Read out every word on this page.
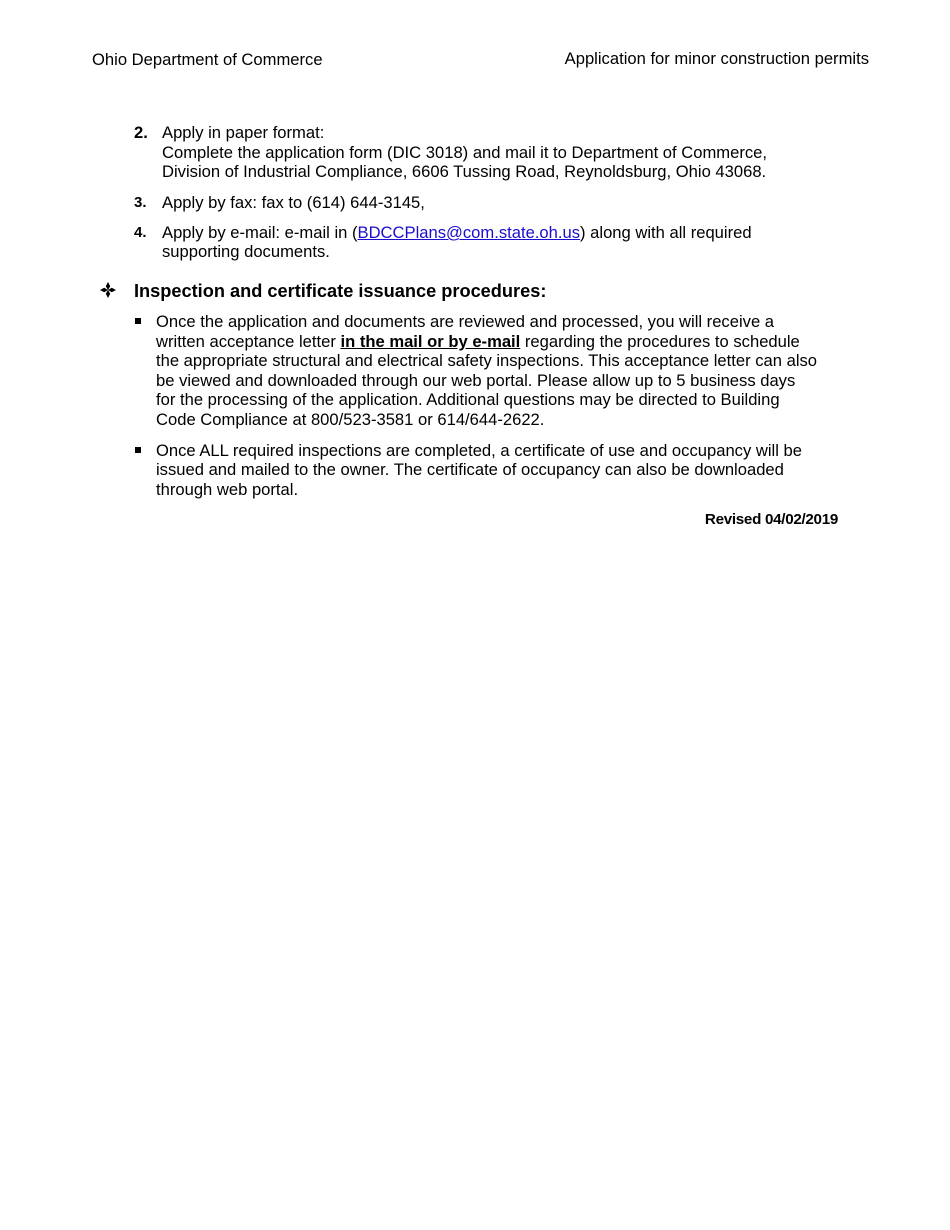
Ohio Department of Commerce	Application for minor construction permits
2. Apply in paper format:
Complete the application form (DIC 3018) and mail it to Department of Commerce,
Division of Industrial Compliance, 6606 Tussing Road, Reynoldsburg, Ohio 43068.
3. Apply by fax: fax to (614) 644-3145,
4. Apply by e-mail: e-mail in (BDCCPlans@com.state.oh.us) along with all required
supporting documents.
Inspection and certificate issuance procedures:
Once the application and documents are reviewed and processed, you will receive a
written acceptance letter in the mail or by e-mail regarding the procedures to schedule
the appropriate structural and electrical safety inspections. This acceptance letter can also
be viewed and downloaded through our web portal. Please allow up to 5 business days
for the processing of the application. Additional questions may be directed to Building
Code Compliance at 800/523-3581 or 614/644-2622.
Once ALL required inspections are completed, a certificate of use and occupancy will be
issued and mailed to the owner. The certificate of occupancy can also be downloaded
through web portal.
Revised 04/02/2019
